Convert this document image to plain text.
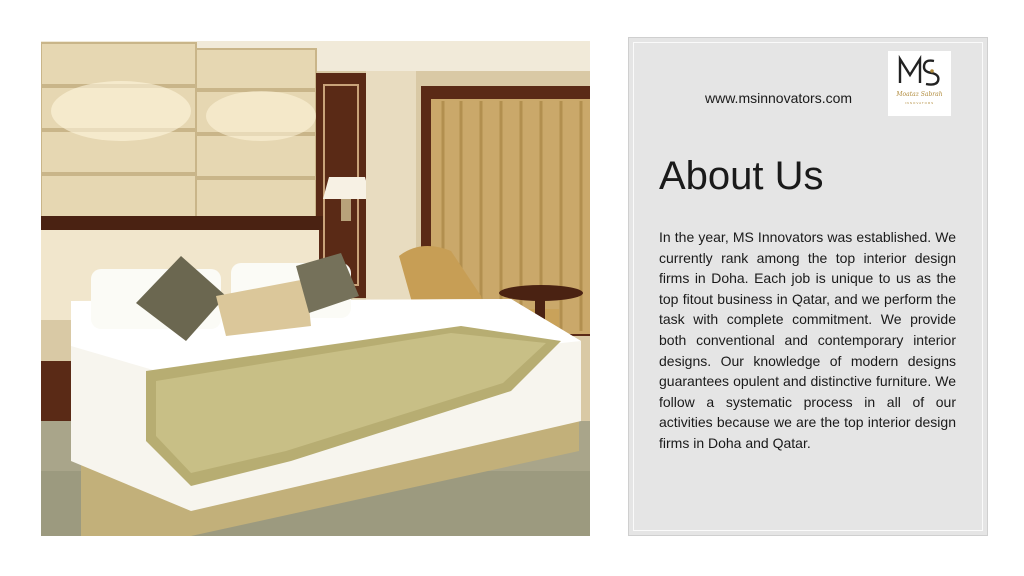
www.msinnovators.com	Moataz Sabrah
INNOVATORS
About Us

In the year, MS Innovators was established. We currently rank among the top interior design firms in Doha. Each job is unique to us as the top fitout business in Qatar, and we perform the task with complete commitment. We provide both conventional and contemporary interior designs. Our knowledge of modern designs guarantees opulent and distinctive furniture. We follow a systematic process in all of our activities because we are the top interior design firms in Doha and Qatar.
